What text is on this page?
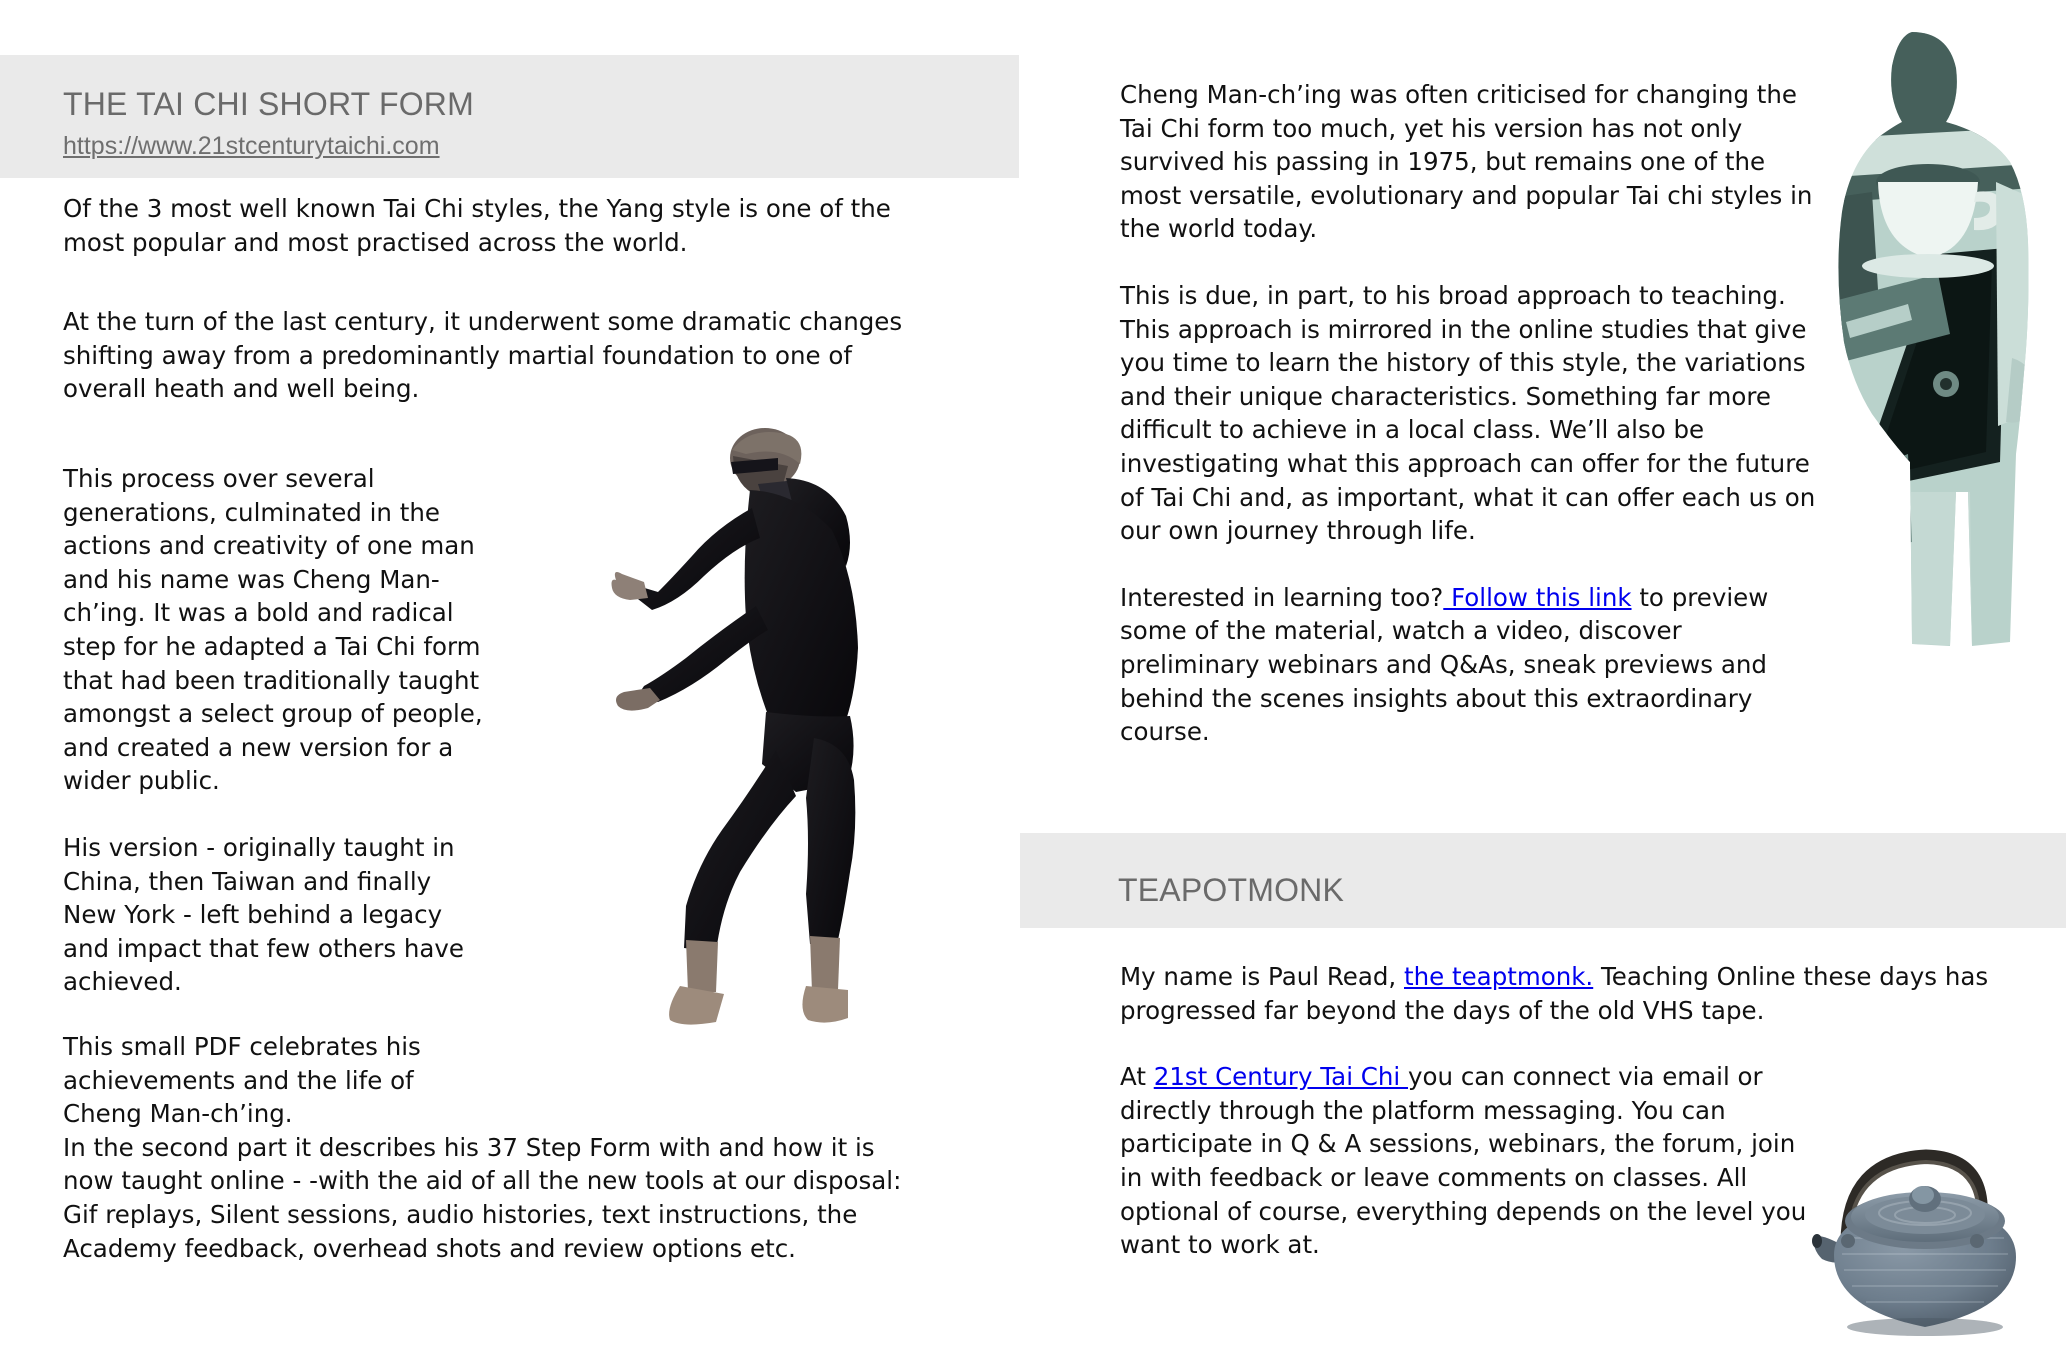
THE TAI CHI SHORT FORM
https://www.21stcenturytaichi.com

Of the 3 most well known Tai Chi styles, the Yang style is one of the most popular and most practised across the world.

At the turn of the last century, it underwent some dramatic changes shifting away from a predominantly martial foundation to one of overall heath and well being.

This process over several generations, culminated in the actions and creativity of one man and his name was Cheng Man-ch’ing. It was a bold and radical step for he adapted a Tai Chi form that had been traditionally taught amongst a select group of people, and created a new version for a wider public.

His version - originally taught in China, then Taiwan and finally New York - left behind a legacy and impact that few others have achieved.

This small PDF celebrates his achievements and the life of Cheng Man-ch’ing.

In the second part it describes his 37 Step Form with and how it is now taught online - -with the aid of all the new tools at our disposal: Gif replays, Silent sessions, audio histories, text instructions, the Academy feedback, overhead shots and review options etc.

Cheng Man-ch’ing was often criticised for changing the Tai Chi form too much, yet his version has not only survived his passing in 1975, but remains one of the most versatile, evolutionary and popular Tai chi styles in the world today.

This is due, in part, to his broad approach to teaching. This approach is mirrored in the online studies that give you time to learn the history of this style, the variations and their unique characteristics. Something far more difficult to achieve in a local class. We’ll also be investigating what this approach can offer for the future of Tai Chi and, as important, what it can offer each us on our own journey through life.

Interested in learning too? Follow this link to preview some of the material, watch a video, discover preliminary webinars and Q&As, sneak previews and behind the scenes insights about this extraordinary course.

TEAPOTMONK

My name is Paul Read, the teaptmonk. Teaching Online these days has progressed far beyond the days of the old VHS tape.

At 21st Century Tai Chi you can connect via email or directly through the platform messaging. You can participate in Q & A sessions, webinars, the forum, join in with feedback or leave comments on classes. All optional of course, everything depends on the level you want to work at.
